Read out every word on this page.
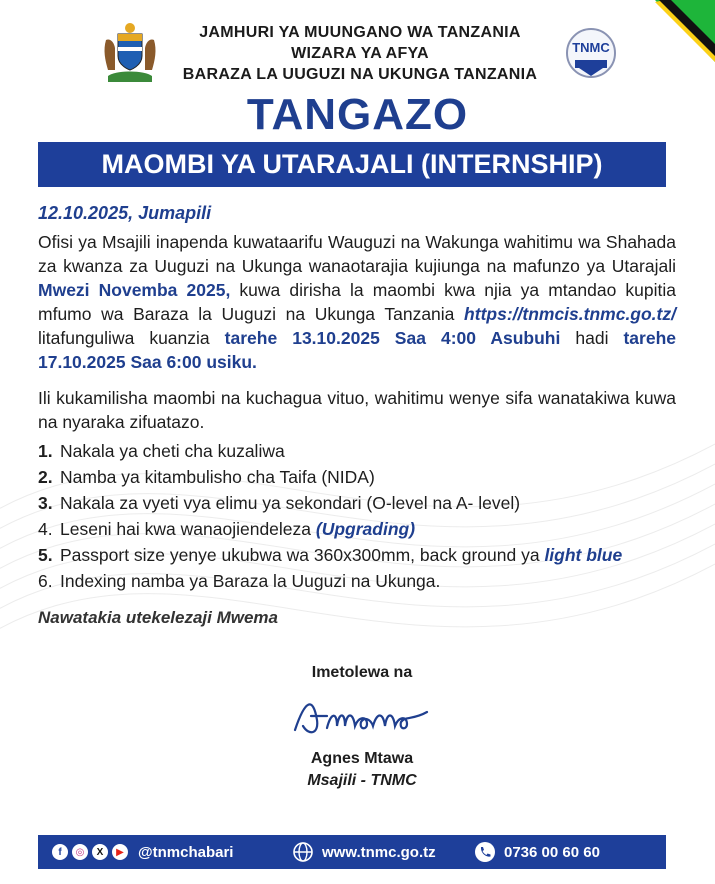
JAMHURI YA MUUNGANO WA TANZANIA
WIZARA YA AFYA
BARAZA LA UUGUZI NA UKUNGA TANZANIA
TNMC
TANGAZO
MAOMBI YA UTARAJALI (INTERNSHIP)
12.10.2025, Jumapili

Ofisi ya Msajili inapenda kuwataarifu Wauguzi na Wakunga wahitimu wa Shahada za kwanza za Uuguzi na Ukunga wanaotarajia kujiunga na mafunzo ya Utarajali Mwezi Novemba 2025, kuwa dirisha la maombi kwa njia ya mtandao kupitia mfumo wa Baraza la Uuguzi na Ukunga Tanzania https://tnmcis.tnmc.go.tz/ litafunguliwa kuanzia tarehe 13.10.2025 Saa 4:00 Asubuhi hadi tarehe 17.10.2025 Saa 6:00 usiku.

Ili kukamilisha maombi na kuchagua vituo, wahitimu wenye sifa wanatakiwa kuwa na nyaraka zifuatazo.

1. Nakala ya cheti cha kuzaliwa
2. Namba ya kitambulisho cha Taifa (NIDA)
3. Nakala za vyeti vya elimu ya sekondari (O-level na A- level)
4. Leseni hai kwa wanaojiendeleza (Upgrading)
5. Passport size yenye ukubwa wa 360x300mm, back ground ya light blue
6. Indexing namba ya Baraza la Uuguzi na Ukunga.
Nawatakia utekelezaji Mwema
Imetolewa na
Agnes Mtawa
Msajili - TNMC
f	◎	X	▶ @tnmchabari	www.tnmc.go.tz	0736 00 60 60
